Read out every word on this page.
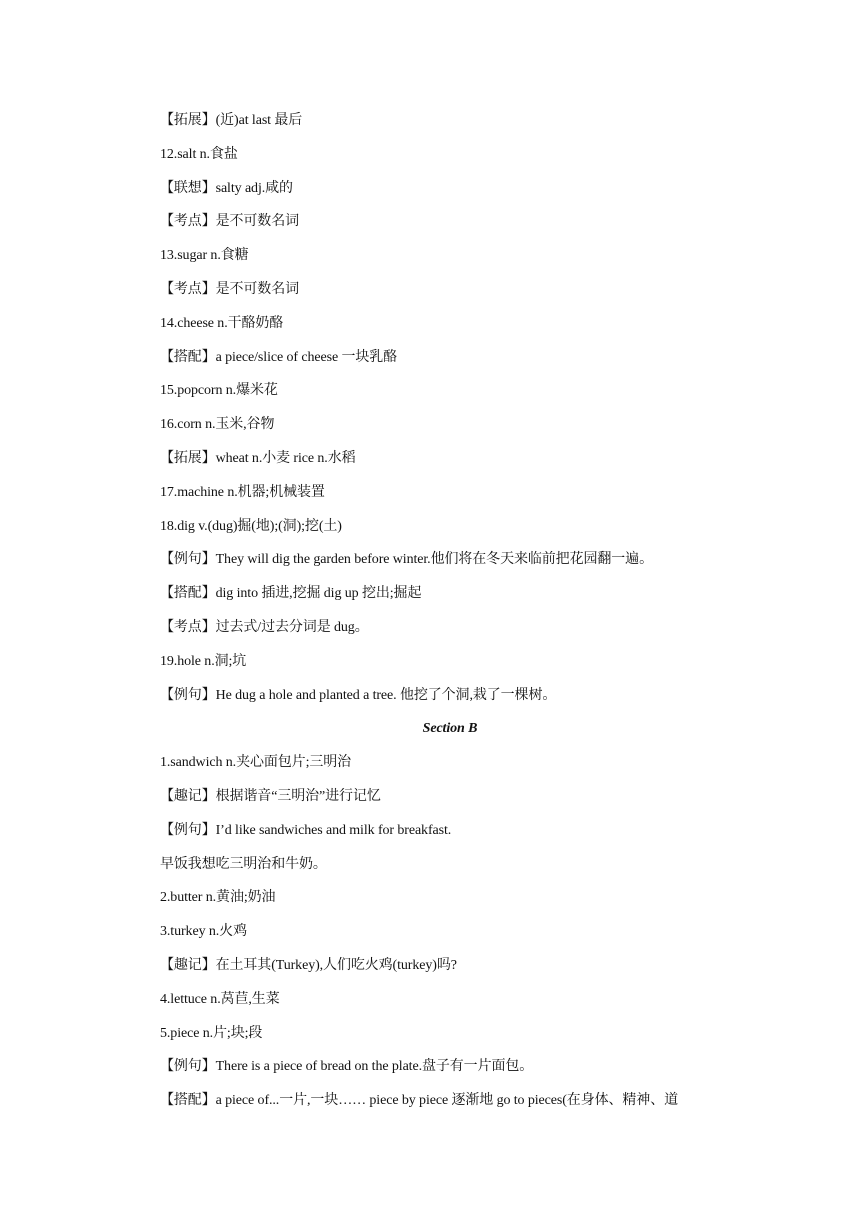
【拓展】(近)at last 最后
12.salt n.食盐
【联想】salty adj.咸的
【考点】是不可数名词
13.sugar n.食糖
【考点】是不可数名词
14.cheese n.干酪奶酪
【搭配】a piece/slice of cheese 一块乳酪
15.popcorn n.爆米花
16.corn n.玉米,谷物
【拓展】wheat n.小麦 rice n.水稻
17.machine n.机器;机械装置
18.dig v.(dug)掘(地);(洞);挖(土)
【例句】They will dig the garden before winter.他们将在冬天来临前把花园翻一遍。
【搭配】dig into 插进,挖掘 dig up 挖出;掘起
【考点】过去式/过去分词是 dug。
19.hole n.洞;坑
【例句】He dug a hole and planted a tree. 他挖了个洞,栽了一棵树。
Section B
1.sandwich n.夹心面包片;三明治
【趣记】根据谐音“三明治”进行记忆
【例句】I’d like sandwiches and milk for breakfast.
早饭我想吃三明治和牛奶。
2.butter n.黄油;奶油
3.turkey n.火鸡
【趣记】在土耳其(Turkey),人们吃火鸡(turkey)吗?
4.lettuce n.莴苣,生菜
5.piece n.片;块;段
【例句】There is a piece of bread on the plate.盘子有一片面包。
【搭配】a piece of...一片,一块…… piece by piece 逐渐地 go to pieces(在身体、精神、道
